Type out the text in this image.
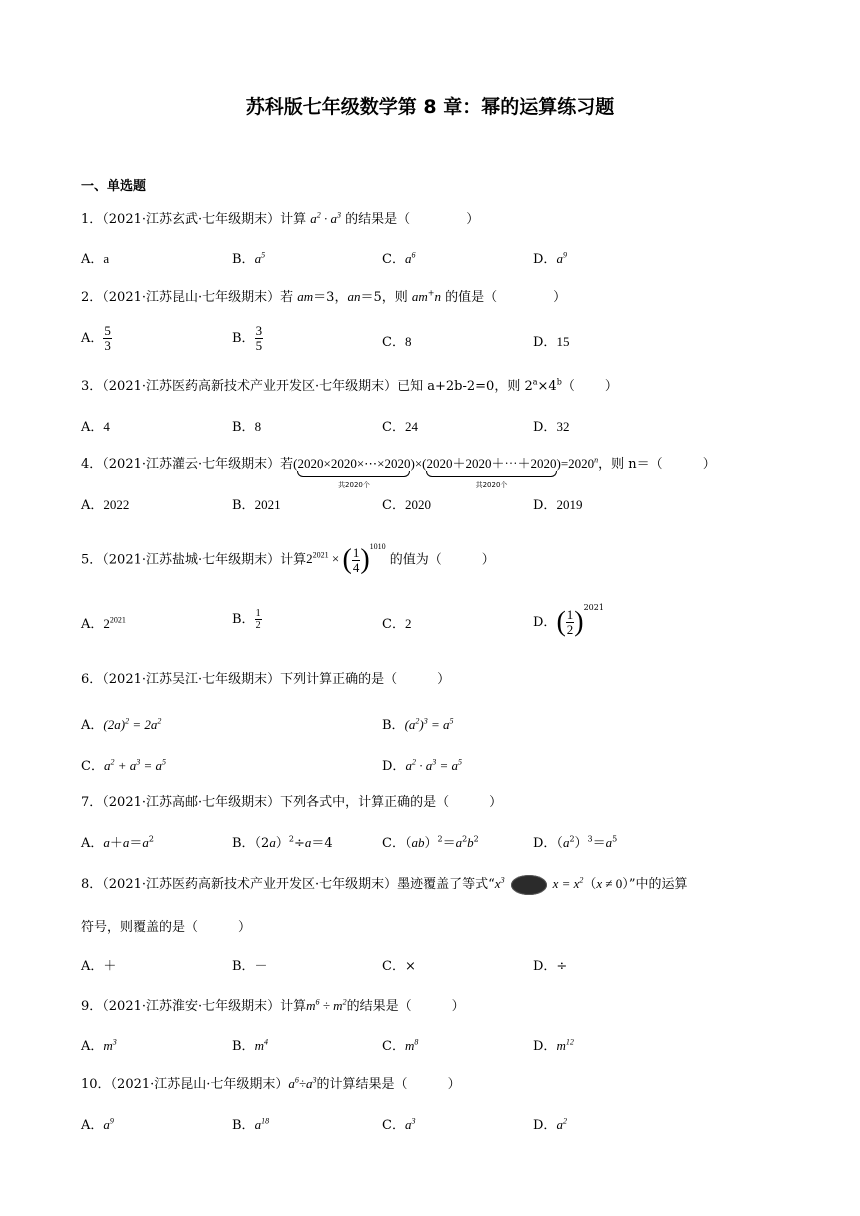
苏科版七年级数学第 8 章：幂的运算练习题
一、单选题
1．（2021·江苏玄武·七年级期末）计算 $a^2 \cdot a^3$ 的结果是（	）
A．a	B．$a^5$	C．$a^6$	D．$a^9$
2．（2021·江苏昆山·七年级期末）若 am＝3，an＝5，则 am+n 的值是（	）
A． $\frac{5}{3}$	B． $\frac{3}{5}$	C．8	D．15
3．（2021·江苏医药高新技术产业开发区·七年级期末）已知 a+2b-2=0，则 $2^a\times 4^b$（ ）
A．4	B．8	C．24	D．32
4．（2021·江苏灌云·七年级期末）若(2020×2020×⋯×2020
共2020个
)×(2020＋2020＋⋯＋2020
共2020个
)$=2020^n$，则 n＝（	）
A．2022	B．2021	C．2020	D．2019
5．（2021·江苏盐城·七年级期末）计算$2^{2021}$ × ( $\frac{1}{4} )^{1010}$ 的值为（	）
A．$2^{2021}$	B． $\frac{1}{2}$	C．2	D．( $\frac{1}{2} )^{2021}$
6．（2021·江苏吴江·七年级期末）下列计算正确的是（	）
A．$(2a)^2 = 2a^2$	B．$(a^2)^3 = a^5$
C．$a^2 + a^3 = a^5$	D．$a^2 \cdot a^3 = a^5$
7．（2021·江苏高邮·七年级期末）下列各式中，计算正确的是（	）
A．$a+a=a^2$	B．$(2a)^2\div a=4$	C．$(ab)^2=a^2b^2$	D．$(a^2)^3=a^5$
8．（2021·江苏医药高新技术产业开发区·七年级期末）墨迹覆盖了等式“$x^3$	$x = x^2(x \ne 0)$”中的运算
符号，则覆盖的是（	）
A．＋	B．－	C．×	D．÷
9．（2021·江苏淮安·七年级期末）计算$m^6 \div m^2$的结果是（	）
A．$m^3$	B．$m^4$	C．$m^8$	D．$m^{12}$
10．（2021·江苏昆山·七年级期末）$a^6\div a^3$的计算结果是（	）
A．$a^9$	B．$a^{18}$	C．$a^3$	D．$a^2$
